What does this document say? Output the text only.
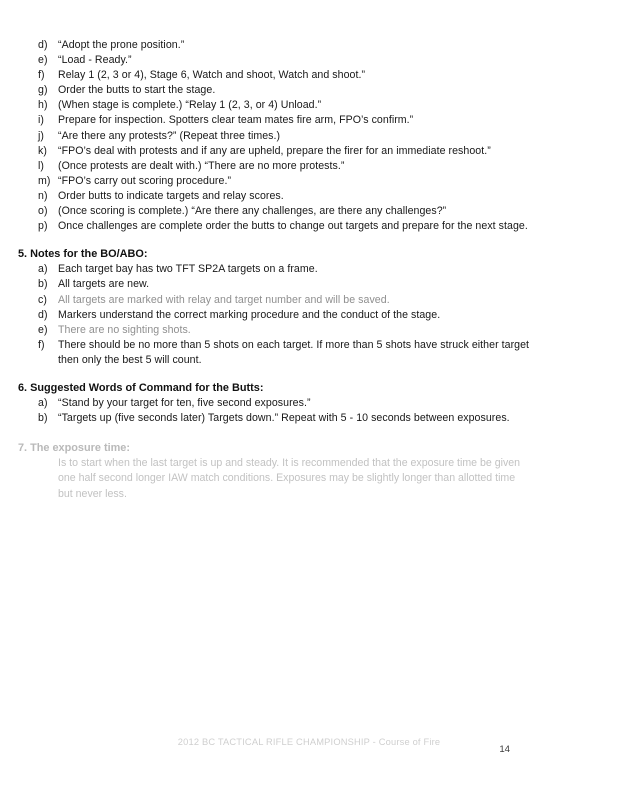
d) “Adopt the prone position.”
e) “Load - Ready.”
f)	Relay 1 (2, 3 or 4), Stage 6, Watch and shoot, Watch and shoot.”
g) Order the butts to start the stage.
h) (When stage is complete.) “Relay 1 (2, 3, or 4) Unload.”
i)	Prepare for inspection. Spotters clear team mates fire arm, FPO’s confirm.”
j)	“Are there any protests?” (Repeat three times.)
k)	“FPO’s deal with protests and if any are upheld, prepare the firer for an immediate reshoot.”
l)	(Once protests are dealt with.) “There are no more protests.”
m) “FPO’s carry out scoring procedure.”
n) Order butts to indicate targets and relay scores.
o) (Once scoring is complete.) “Are there any challenges, are there any challenges?”
p) Once challenges are complete order the butts to change out targets and prepare for the next stage.
5. Notes for the BO/ABO:
a) Each target bay has two TFT SP2A targets on a frame.
b) All targets are new.
c)	All targets are marked with relay and target number and will be saved.
d) Markers understand the correct marking procedure and the conduct of the stage.
e) There are no sighting shots.
f)	There should be no more than 5 shots on each target. If more than 5 shots have struck either target then only the best 5 will count.
6. Suggested Words of Command for the Butts:
a) “Stand by your target for ten, five second exposures.”
b) “Targets up (five seconds later) Targets down.” Repeat with 5 - 10 seconds between exposures.
7. The exposure time:
Is to start when the last target is up and steady. It is recommended that the exposure time be given one half second longer IAW match conditions. Exposures may be slightly longer than allotted time but never less.
2012 BC TACTICAL RIFLE CHAMPIONSHIP - Course of Fire
14
